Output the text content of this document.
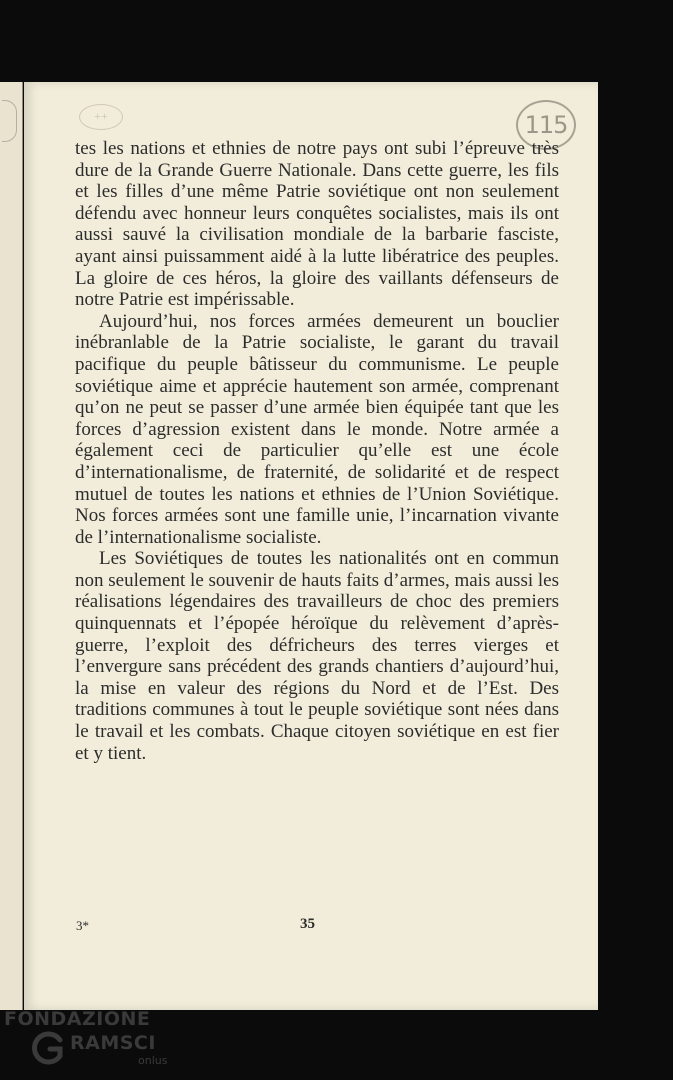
++	115

tes les nations et ethnies de notre pays ont subi l’épreuve très dure de la Grande Guerre Nationale. Dans cette guerre, les fils et les filles d’une même Patrie soviétique ont non seulement défendu avec honneur leurs conquêtes socialistes, mais ils ont aussi sauvé la civilisation mondiale de la barbarie fasciste, ayant ainsi puissamment aidé à la lutte libératrice des peuples. La gloire de ces héros, la gloire des vaillants défenseurs de notre Patrie est impérissable.

Aujourd’hui, nos forces armées demeurent un bouclier inébranlable de la Patrie socialiste, le garant du travail pacifique du peuple bâtisseur du communisme. Le peuple soviétique aime et apprécie hautement son armée, comprenant qu’on ne peut se passer d’une armée bien équipée tant que les forces d’agression existent dans le monde. Notre armée a également ceci de particulier qu’elle est une école d’internationalisme, de fraternité, de solidarité et de respect mutuel de toutes les nations et ethnies de l’Union Soviétique. Nos forces armées sont une famille unie, l’incarnation vivante de l’internationalisme socialiste.

Les Soviétiques de toutes les nationalités ont en commun non seulement le souvenir de hauts faits d’armes, mais aussi les réalisations légendaires des travailleurs de choc des premiers quinquennats et l’épopée héroïque du relèvement d’après-guerre, l’exploit des défricheurs des terres vierges et l’envergure sans précédent des grands chantiers d’aujourd’hui, la mise en valeur des régions du Nord et de l’Est. Des traditions communes à tout le peuple soviétique sont nées dans le travail et les combats. Chaque citoyen soviétique en est fier et y tient.

3*	35
FONDAZIONE
RAMSCI
onlus
